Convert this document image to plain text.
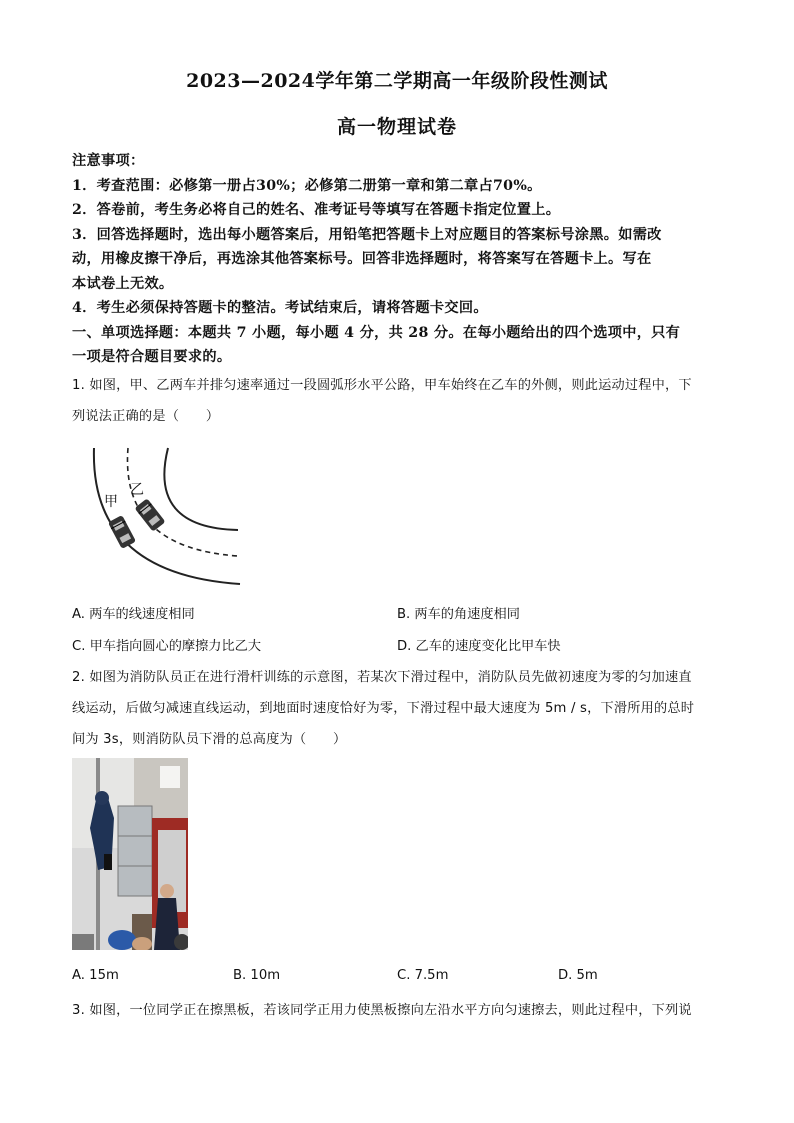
2023—2024学年第二学期高一年级阶段性测试
高一物理试卷
注意事项：
1．考查范围：必修第一册占30%；必修第二册第一章和第二章占70%。
2．答卷前，考生务必将自己的姓名、准考证号等填写在答题卡指定位置上。
3．回答选择题时，选出每小题答案后，用铅笔把答题卡上对应题目的答案标号涂黑。如需改
动，用橡皮擦干净后，再选涂其他答案标号。回答非选择题时，将答案写在答题卡上。写在
本试卷上无效。
4．考生必须保持答题卡的整洁。考试结束后，请将答题卡交回。
一、单项选择题：本题共 7 小题，每小题 4 分，共 28 分。在每小题给出的四个选项中，只有
一项是符合题目要求的。
1. 如图，甲、乙两车并排匀速率通过一段圆弧形水平公路，甲车始终在乙车的外侧，则此运动过程中，下
列说法正确的是（　　）
甲
乙
A. 两车的线速度相同	B. 两车的角速度相同
C. 甲车指向圆心的摩擦力比乙大	D. 乙车的速度变化比甲车快
2. 如图为消防队员正在进行滑杆训练的示意图，若某次下滑过程中，消防队员先做初速度为零的匀加速直
线运动，后做匀减速直线运动，到地面时速度恰好为零，下滑过程中最大速度为 5m / s，下滑所用的总时
间为 3s，则消防队员下滑的总高度为（　　）
A. 15m	B. 10m	C. 7.5m	D. 5m
3. 如图，一位同学正在擦黑板，若该同学正用力使黑板擦向左沿水平方向匀速擦去，则此过程中，下列说
